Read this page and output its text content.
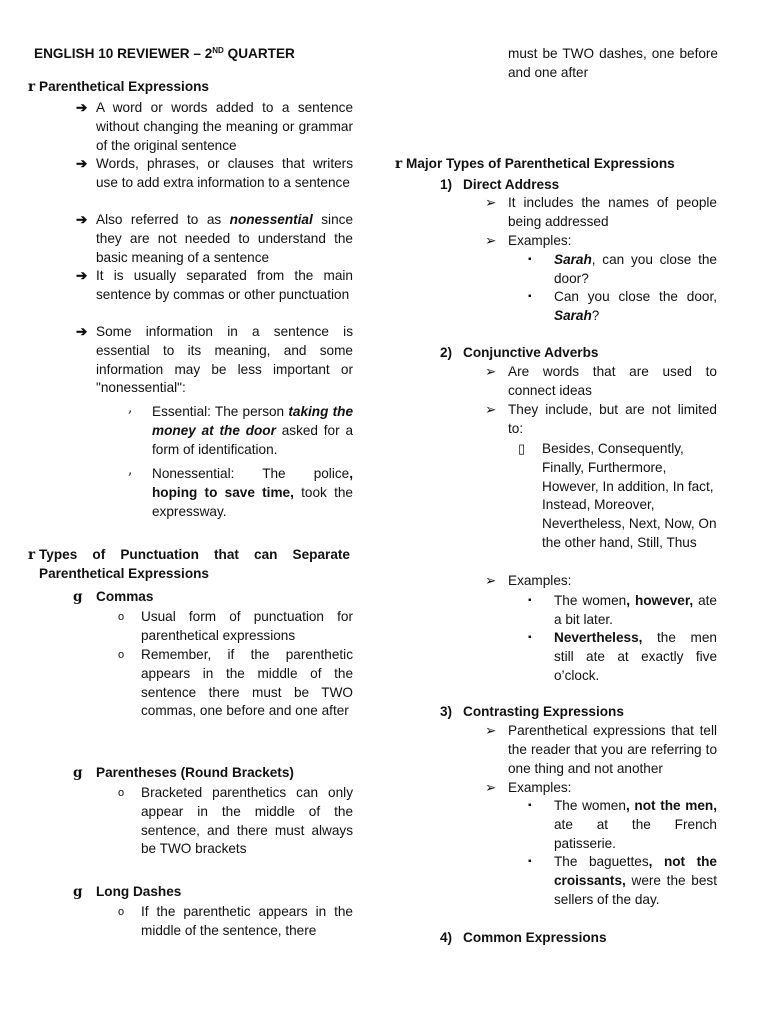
ENGLISH 10 REVIEWER – 2ND QUARTER
r Parenthetical Expressions
➔ A word or words added to a sentence without changing the meaning or grammar of the original sentence
➔ Words, phrases, or clauses that writers use to add extra information to a sentence
➔ Also referred to as nonessential since they are not needed to understand the basic meaning of a sentence
➔ It is usually separated from the main sentence by commas or other punctuation
➔ Some information in a sentence is essential to its meaning, and some information may be less important or "nonessential":
, Essential: The person taking the money at the door asked for a form of identification.
, Nonessential: The police, hoping to save time, took the expressway.
r Types of Punctuation that can Separate Parenthetical Expressions
g Commas
o Usual form of punctuation for parenthetical expressions
o Remember, if the parenthetic appears in the middle of the sentence there must be TWO commas, one before and one after
g Parentheses (Round Brackets)
o Bracketed parenthetics can only appear in the middle of the sentence, and there must always be TWO brackets
g Long Dashes
o If the parenthetic appears in the middle of the sentence, there
must be TWO dashes, one before and one after
r Major Types of Parenthetical Expressions
1) Direct Address
➢ It includes the names of people being addressed
➢ Examples:
▪ Sarah, can you close the door?
▪ Can you close the door, Sarah?
2) Conjunctive Adverbs
➢ Are words that are used to connect ideas
➢ They include, but are not limited to:
▯ Besides, Consequently, Finally, Furthermore, However, In addition, In fact, Instead, Moreover, Nevertheless, Next, Now, On the other hand, Still, Thus
➢ Examples:
▪ The women, however, ate a bit later.
▪ Nevertheless, the men still ate at exactly five o’clock.
3) Contrasting Expressions
➢ Parenthetical expressions that tell the reader that you are referring to one thing and not another
➢ Examples:
▪ The women, not the men, ate at the French patisserie.
▪ The baguettes, not the croissants, were the best sellers of the day.
4) Common Expressions
